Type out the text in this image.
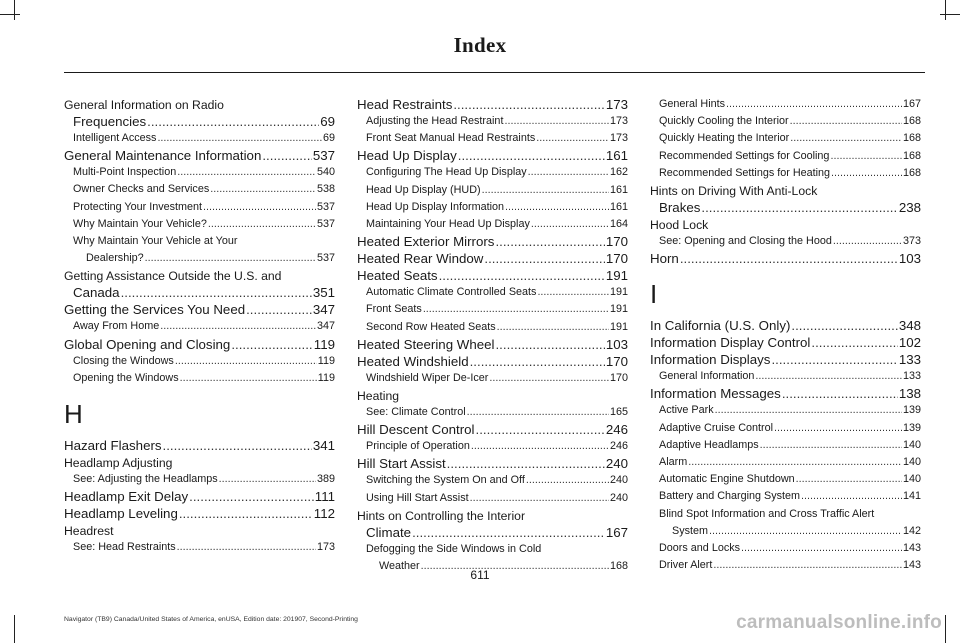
Index
General Information on Radio
Frequencies .....	69
Intelligent Access .....	69
General Maintenance Information .....	537
Multi-Point Inspection .....	540
Owner Checks and Services .....	538
Protecting Your Investment .....	537
Why Maintain Your Vehicle? .....	537
Why Maintain Your Vehicle at Your
Dealership? .....	537
Getting Assistance Outside the U.S. and
Canada .....	351
Getting the Services You Need .....	347
Away From Home .....	347
Global Opening and Closing .....	119
Closing the Windows .....	119
Opening the Windows .....	119
H
Hazard Flashers .....	341
Headlamp Adjusting
See: Adjusting the Headlamps .....	389
Headlamp Exit Delay .....	111
Headlamp Leveling .....	112
Headrest
See: Head Restraints .....	173
Head Restraints .....	173
Adjusting the Head Restraint .....	173
Front Seat Manual Head Restraints .....	173
Head Up Display .....	161
Configuring The Head Up Display .....	162
Head Up Display (HUD) .....	161
Head Up Display Information .....	161
Maintaining Your Head Up Display .....	164
Heated Exterior Mirrors .....	170
Heated Rear Window .....	170
Heated Seats .....	191
Automatic Climate Controlled Seats .....	191
Front Seats .....	191
Second Row Heated Seats .....	191
Heated Steering Wheel .....	103
Heated Windshield .....	170
Windshield Wiper De-Icer .....	170
Heating
See: Climate Control .....	165
Hill Descent Control .....	246
Principle of Operation .....	246
Hill Start Assist .....	240
Switching the System On and Off .....	240
Using Hill Start Assist .....	240
Hints on Controlling the Interior
Climate .....	167
Defogging the Side Windows in Cold
Weather .....	168
General Hints .....	167
Quickly Cooling the Interior .....	168
Quickly Heating the Interior .....	168
Recommended Settings for Cooling .....	168
Recommended Settings for Heating .....	168
Hints on Driving With Anti-Lock
Brakes .....	238
Hood Lock
See: Opening and Closing the Hood .....	373
Horn .....	103
I
In California (U.S. Only) .....	348
Information Display Control .....	102
Information Displays .....	133
General Information .....	133
Information Messages .....	138
Active Park .....	139
Adaptive Cruise Control .....	139
Adaptive Headlamps .....	140
Alarm .....	140
Automatic Engine Shutdown .....	140
Battery and Charging System .....	141
Blind Spot Information and Cross Traffic Alert
System .....	142
Doors and Locks .....	143
Driver Alert .....	143
611
Navigator (TB9) Canada/United States of America, enUSA, Edition date: 201907, Second-Printing	carmanualsonline.info
